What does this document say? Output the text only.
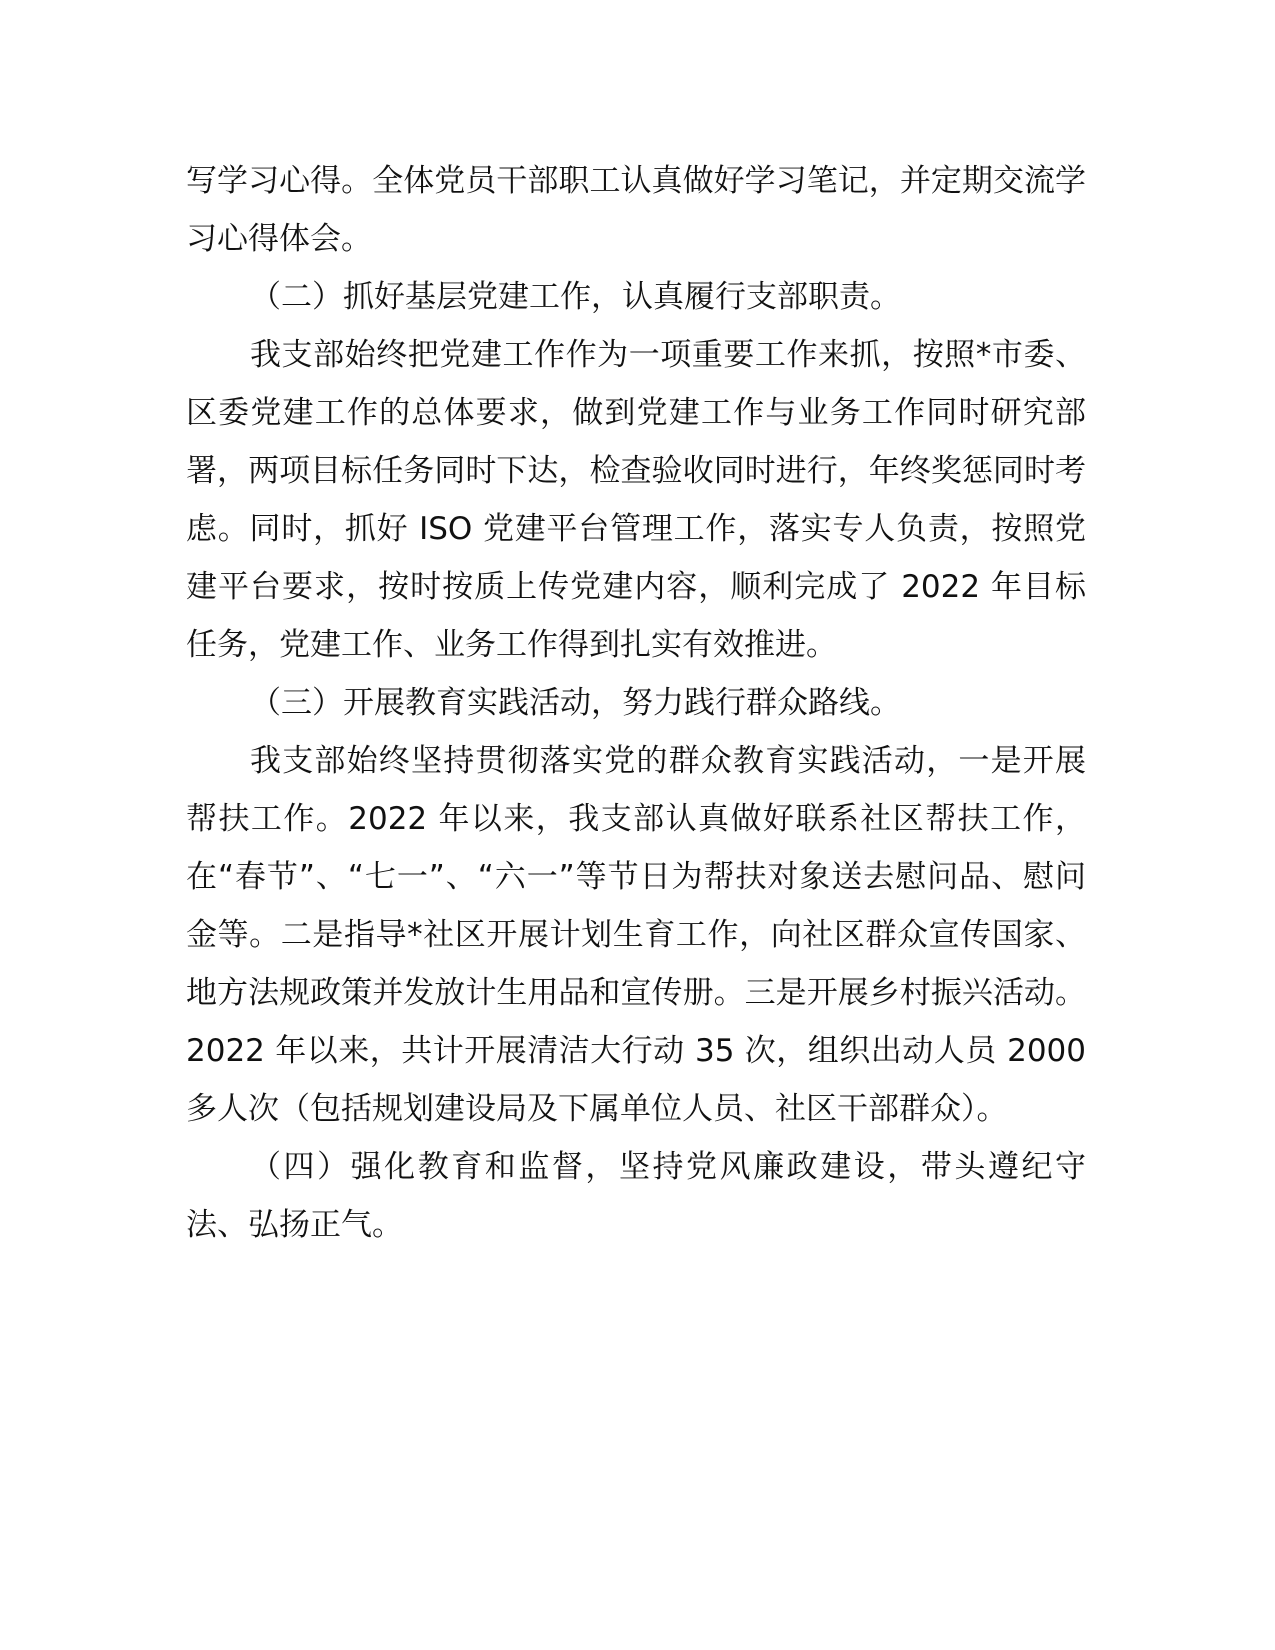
写学习心得。全体党员干部职工认真做好学习笔记，并定期交流学习心得体会。

（二）抓好基层党建工作，认真履行支部职责。

我支部始终把党建工作作为一项重要工作来抓，按照*市委、区委党建工作的总体要求，做到党建工作与业务工作同时研究部署，两项目标任务同时下达，检查验收同时进行，年终奖惩同时考虑。同时，抓好 ISO 党建平台管理工作，落实专人负责，按照党建平台要求，按时按质上传党建内容，顺利完成了 2022 年目标任务，党建工作、业务工作得到扎实有效推进。

（三）开展教育实践活动，努力践行群众路线。

我支部始终坚持贯彻落实党的群众教育实践活动，一是开展帮扶工作。2022 年以来，我支部认真做好联系社区帮扶工作，在“春节”、“七一”、“六一”等节日为帮扶对象送去慰问品、慰问金等。二是指导*社区开展计划生育工作，向社区群众宣传国家、地方法规政策并发放计生用品和宣传册。三是开展乡村振兴活动。2022 年以来，共计开展清洁大行动 35 次，组织出动人员 2000 多人次（包括规划建设局及下属单位人员、社区干部群众）。

（四）强化教育和监督，坚持党风廉政建设，带头遵纪守法、弘扬正气。
